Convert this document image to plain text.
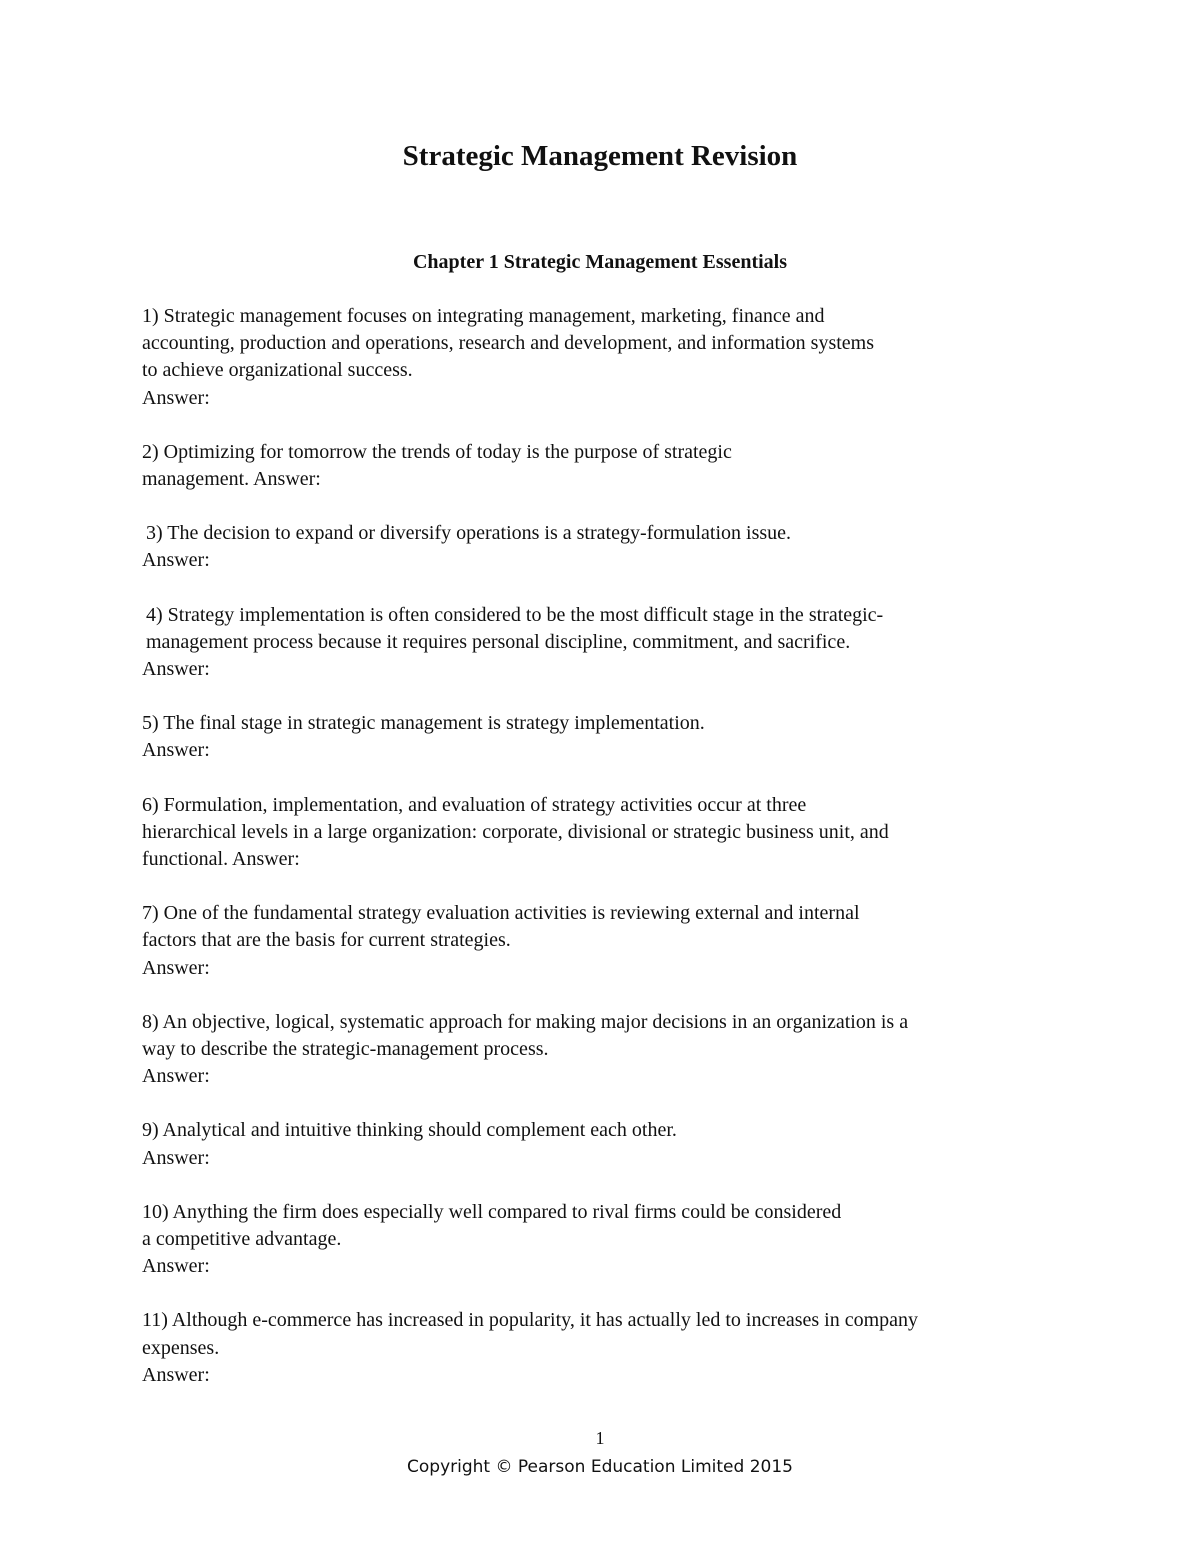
Strategic Management Revision
Chapter 1 Strategic Management Essentials
1) Strategic management focuses on integrating management, marketing, finance and
accounting, production and operations, research and development, and information systems
to achieve organizational success.
Answer:
2) Optimizing for tomorrow the trends of today is the purpose of strategic
management. Answer:
3) The decision to expand or diversify operations is a strategy-formulation issue.
Answer:
4) Strategy implementation is often considered to be the most difficult stage in the strategic-
management process because it requires personal discipline, commitment, and sacrifice.
Answer:
5) The final stage in strategic management is strategy implementation.
Answer:
6) Formulation, implementation, and evaluation of strategy activities occur at three
hierarchical levels in a large organization: corporate, divisional or strategic business unit, and
functional. Answer:
7) One of the fundamental strategy evaluation activities is reviewing external and internal
factors that are the basis for current strategies.
Answer:
8) An objective, logical, systematic approach for making major decisions in an organization is a
way to describe the strategic-management process.
Answer:
9) Analytical and intuitive thinking should complement each other.
Answer:
10) Anything the firm does especially well compared to rival firms could be considered
a competitive advantage.
Answer:
11) Although e-commerce has increased in popularity, it has actually led to increases in company
expenses.
Answer:
1
Copyright © Pearson Education Limited 2015
